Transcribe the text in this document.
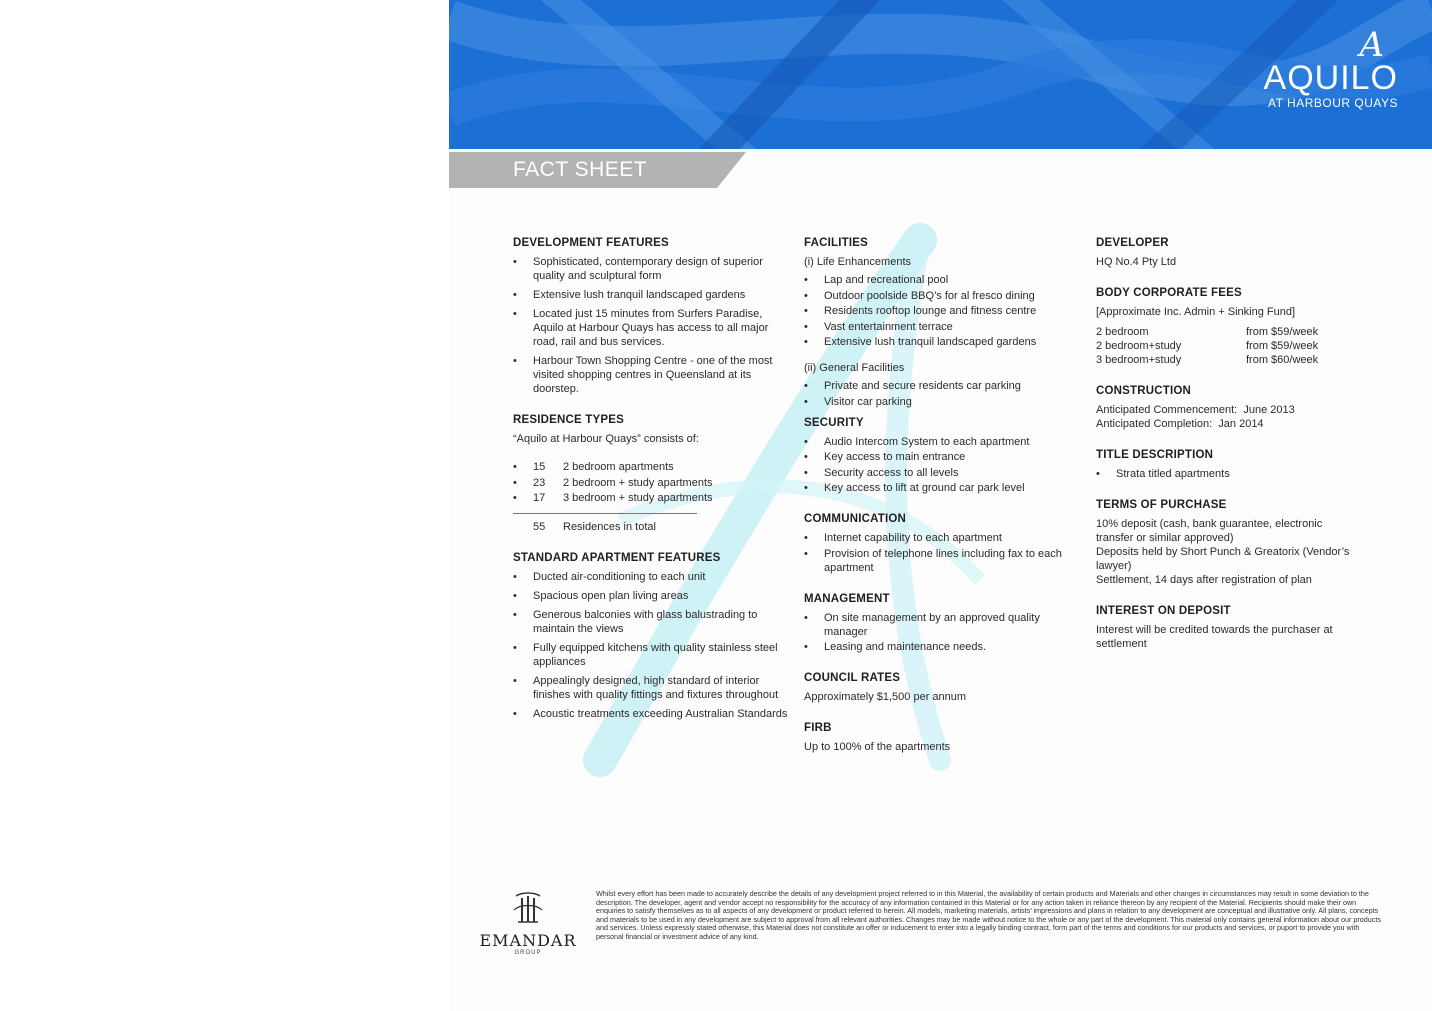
A
AQUILO
AT HARBOUR QUAYS
FACT SHEET
DEVELOPMENT FEATURES
• Sophisticated, contemporary design of superior quality and sculptural form
• Extensive lush tranquil landscaped gardens
• Located just 15 minutes from Surfers Paradise, Aquilo at Harbour Quays has access to all major road, rail and bus services.
• Harbour Town Shopping Centre - one of the most visited shopping centres in Queensland at its doorstep.
RESIDENCE TYPES

“Aquilo at Harbour Quays” consists of:

• 15	2 bedroom apartments
• 23	2 bedroom + study apartments
• 17	3 bedroom + study apartments
55	Residences in total
STANDARD APARTMENT FEATURES
• Ducted air-conditioning to each unit
• Spacious open plan living areas
• Generous balconies with glass balustrading to maintain the views
• Fully equipped kitchens with quality stainless steel appliances
• Appealingly designed, high standard of interior finishes with quality fittings and fixtures throughout
• Acoustic treatments exceeding Australian Standards
FACILITIES

(i) Life Enhancements

• Lap and recreational pool
• Outdoor poolside BBQ’s for al fresco dining
• Residents rooftop lounge and fitness centre
• Vast entertainment terrace
• Extensive lush tranquil landscaped gardens

(ii) General Facilities

• Private and secure residents car parking
• Visitor car parking
SECURITY
• Audio Intercom System to each apartment
• Key access to main entrance
• Security access to all levels
• Key access to lift at ground car park level
COMMUNICATION
• Internet capability to each apartment
• Provision of telephone lines including fax to each apartment
MANAGEMENT
• On site management by an approved quality manager
• Leasing and maintenance needs.
COUNCIL RATES

Approximately $1,500 per annum

FIRB

Up to 100% of the apartments

DEVELOPER

HQ No.4 Pty Ltd

BODY CORPORATE FEES

[Approximate Inc. Admin + Sinking Fund]

2 bedroom	from $59/week
2 bedroom+study	from $59/week
3 bedroom+study	from $60/week
CONSTRUCTION

Anticipated Commencement:  June 2013

Anticipated Completion:  Jan 2014

TITLE DESCRIPTION
• Strata titled apartments
TERMS OF PURCHASE

10% deposit (cash, bank guarantee, electronic transfer or similar approved)

Deposits held by Short Punch & Greatorix (Vendor’s lawyer)

Settlement, 14 days after registration of plan

INTEREST ON DEPOSIT

Interest will be credited towards the purchaser at settlement

EMANDAR
GROUP
Whilst every effort has been made to accurately describe the details of any development project referred to in this Material, the availability of certain products and Materials and other changes in circumstances may result in some deviation to the description. The developer, agent and vendor accept no responsibility for the accuracy of any information contained in this Material or for any action taken in reliance thereon by any recipient of the Material. Recipients should make their own enquiries to satisfy themselves as to all aspects of any development or product referred to herein. All models, marketing materials, artists’ impressions and plans in relation to any development are conceptual and illustrative only. All plans, concepts and materials to be used in any development are subject to approval from all relevant authorities. Changes may be made without notice to the whole or any part of the development. This material only contains general information about our products and services. Unless expressly stated otherwise, this Material does not constitute an offer or inducement to enter into a legally binding contract, form part of the terms and conditions for our products and services, or puport to provide you with personal financial or investment advice of any kind.
